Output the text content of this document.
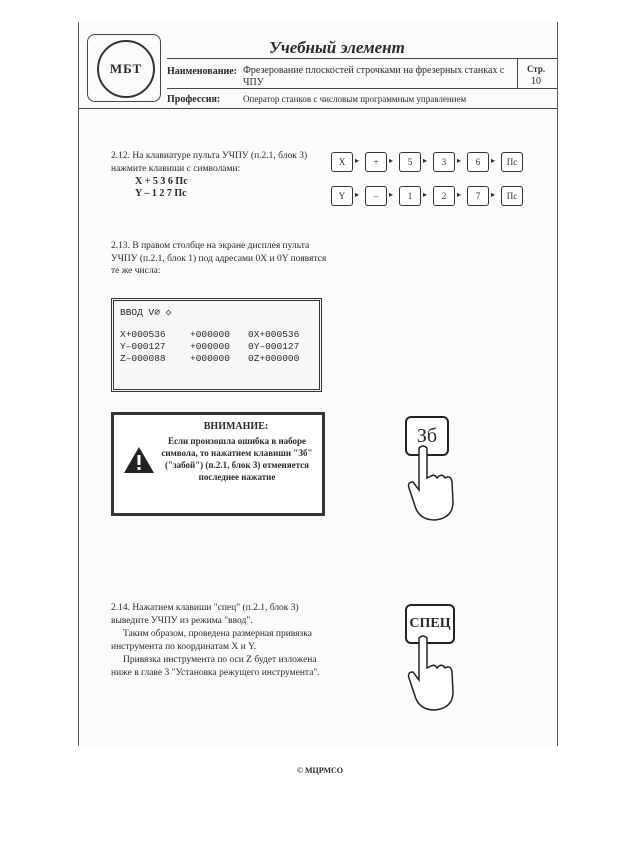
МБТ
Учебный элемент
Наименование: Фрезерование плоскостей строчками на фрезерных станках с ЧПУ
Профессия:	Оператор станков с числовым программным управлением
Стр.
10
2.12. На клавиатуре пульта УЧПУ (п.2.1, блок 3) нажмите клавиши с символами:
X + 5 3 6 Пс
Y – 1 2 7 Пс
X	▸	+	▸	5	▸	3	▸	6	▸	Пс
Y	▸	–	▸	1	▸	2	▸	7	▸	Пс
2.13. В правом столбце на экране дисплея пульта УЧПУ (п.2.1, блок 1) под адресами 0X и 0Y появятся те же числа:
ВВОД V∅ ◇
X+000536	+000000	0X+000536
Y–000127	+000000	0Y–000127
Z–000088	+000000	0Z+000000
ВНИМАНИЕ:
Если произошла ошибка в наборе символа, то нажатием клавиши "Зб" ("забой") (п.2.1, блок 3) отменяется последнее нажатие
Зб
2.14. Нажатием клавиши "спец" (п.2.1, блок 3) выведите УЧПУ из режима "ввод".
Таким образом, проведена размерная привязка инструмента по координатам X и Y.
Привязка инструмента по оси Z будет изложена ниже в главе 3 "Установка режущего инструмента".
СПЕЦ
© МЦРМСО
